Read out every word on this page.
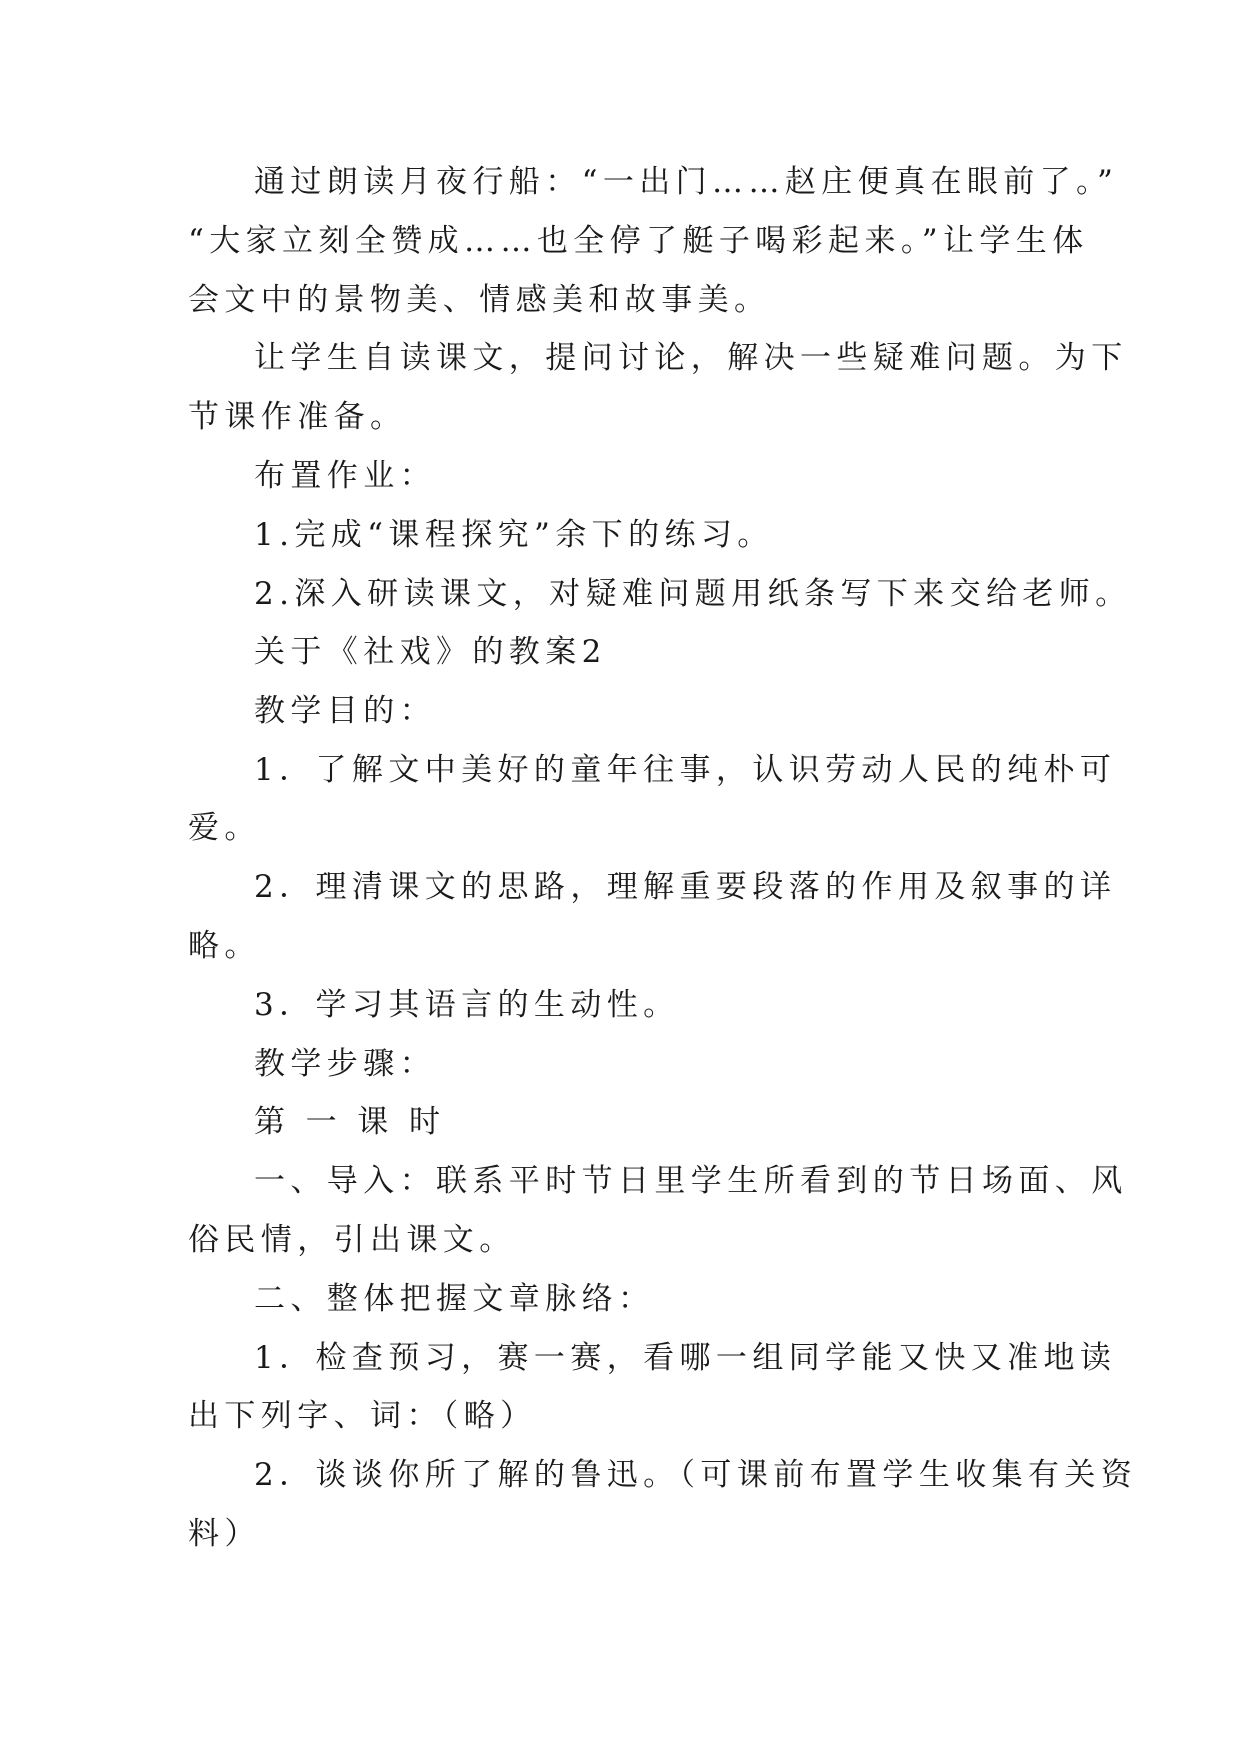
通过朗读月夜行船：“一出门……赵庄便真在眼前了。”
“大家立刻全赞成……也全停了艇子喝彩起来。”让学生体
会文中的景物美、情感美和故事美。
让学生自读课文，提问讨论，解决一些疑难问题。为下
节课作准备。
布置作业：
1.完成“课程探究”余下的练习。
2.深入研读课文，对疑难问题用纸条写下来交给老师。
关于《社戏》的教案2
教学目的：
1．了解文中美好的童年往事，认识劳动人民的纯朴可
爱。
2．理清课文的思路，理解重要段落的作用及叙事的详
略。
3．学习其语言的生动性。
教学步骤：
第 一 课 时
一、导入：联系平时节日里学生所看到的节日场面、风
俗民情，引出课文。
二、整体把握文章脉络：
1．检查预习，赛一赛，看哪一组同学能又快又准地读
出下列字、词：（略）
2．谈谈你所了解的鲁迅。（可课前布置学生收集有关资
料）
